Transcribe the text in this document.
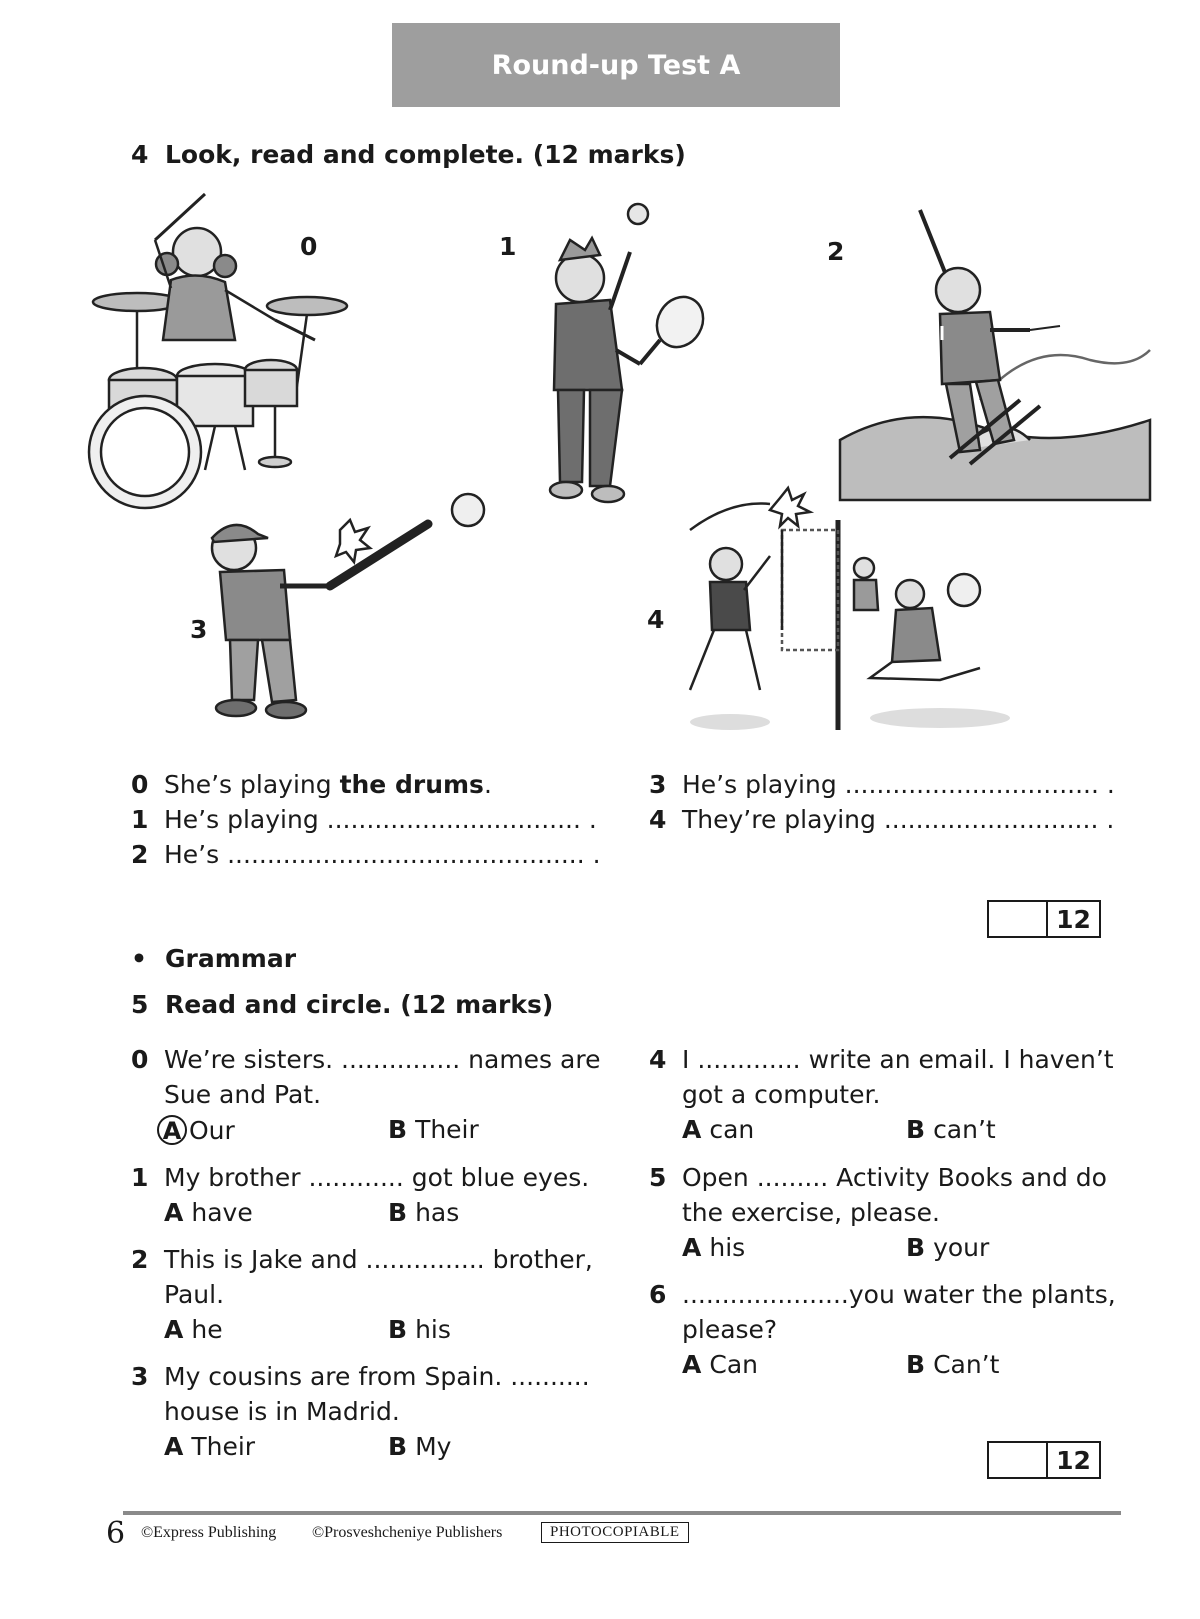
Round-up Test A
4 Look, read and complete. (12 marks)
0	1	2
3	4
0 She’s playing the drums.
1 He’s playing ................................ .
2 He’s ............................................. .
3 He’s playing ................................ .
4 They’re playing ........................... .
12
• Grammar
5 Read and circle. (12 marks)
0 We’re sisters. ............... names are
Sue and Pat.
A Our	B Their
1 My brother ............ got blue eyes.
A have	B has
2 This is Jake and ............... brother,
Paul.
A he	B his
3 My cousins are from Spain. ..........
house is in Madrid.
A Their	B My
4 I ............. write an email. I haven’t
got a computer.
A can	B can’t
5 Open ......... Activity Books and do
the exercise, please.
A his	B your
6 .....................you water the plants,
please?
A Can	B Can’t
12
6 ©Express Publishing ©Prosveshcheniye Publishers	PHOTOCOPIABLE
